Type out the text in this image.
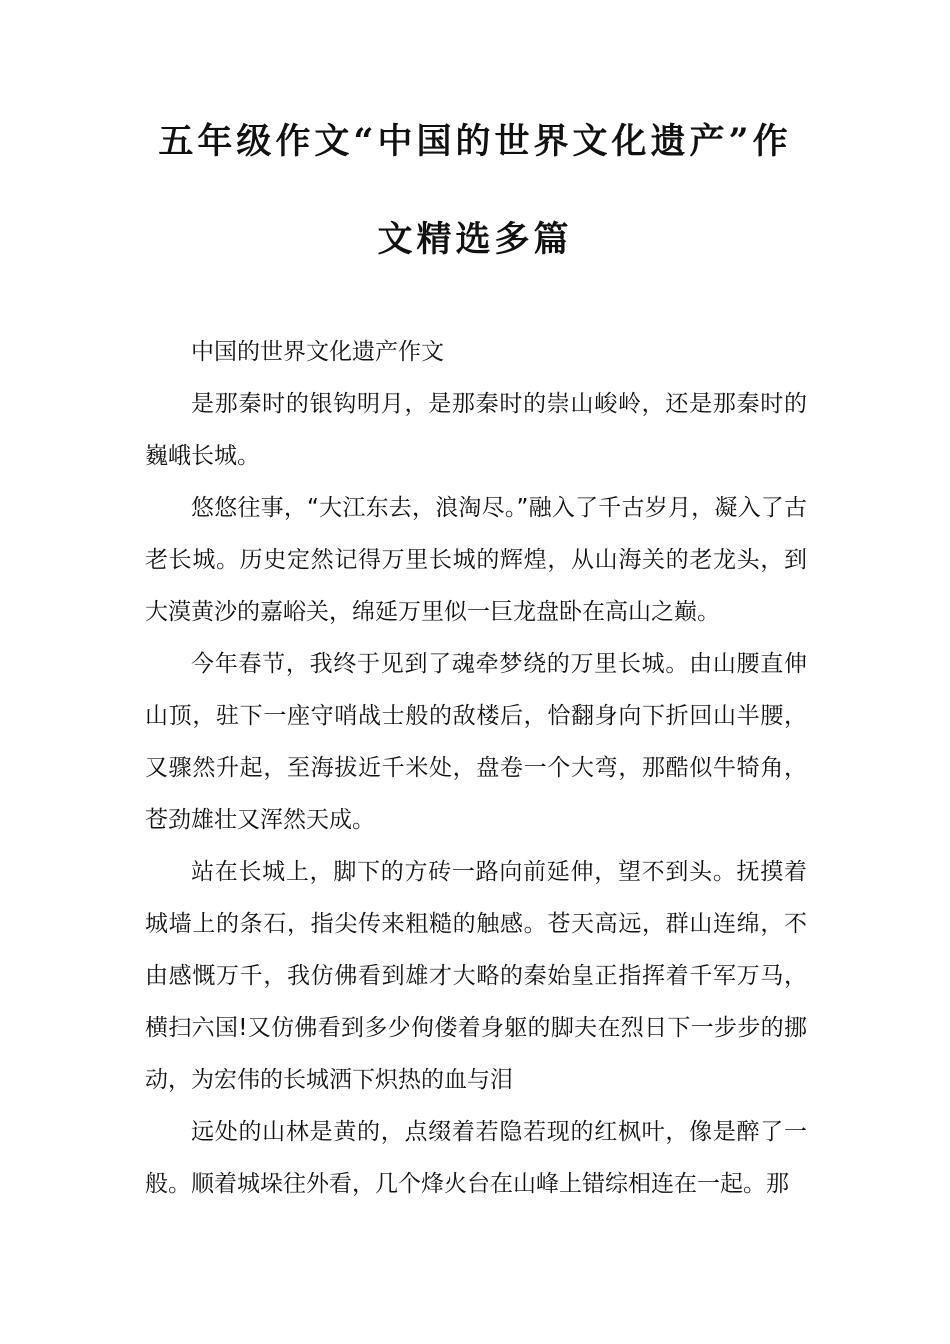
五年级作文“中国的世界文化遗产”作
文精选多篇

中国的世界文化遗产作文

是那秦时的银钩明月，是那秦时的崇山峻岭，还是那秦时的巍峨长城。

悠悠往事，“大江东去，浪淘尽。”融入了千古岁月，凝入了古老长城。历史定然记得万里长城的辉煌，从山海关的老龙头，到大漠黄沙的嘉峪关，绵延万里似一巨龙盘卧在高山之巅。

今年春节，我终于见到了魂牵梦绕的万里长城。由山腰直伸山顶，驻下一座守哨战士般的敌楼后，恰翻身向下折回山半腰，又骤然升起，至海拔近千米处，盘卷一个大弯，那酷似牛犄角，苍劲雄壮又浑然天成。

站在长城上，脚下的方砖一路向前延伸，望不到头。抚摸着城墙上的条石，指尖传来粗糙的触感。苍天高远，群山连绵，不由感慨万千，我仿佛看到雄才大略的秦始皇正指挥着千军万马，横扫六国!又仿佛看到多少佝偻着身躯的脚夫在烈日下一步步的挪动，为宏伟的长城洒下炽热的血与泪

远处的山林是黄的，点缀着若隐若现的红枫叶，像是醉了一般。顺着城垛往外看，几个烽火台在山峰上错综相连在一起。那
